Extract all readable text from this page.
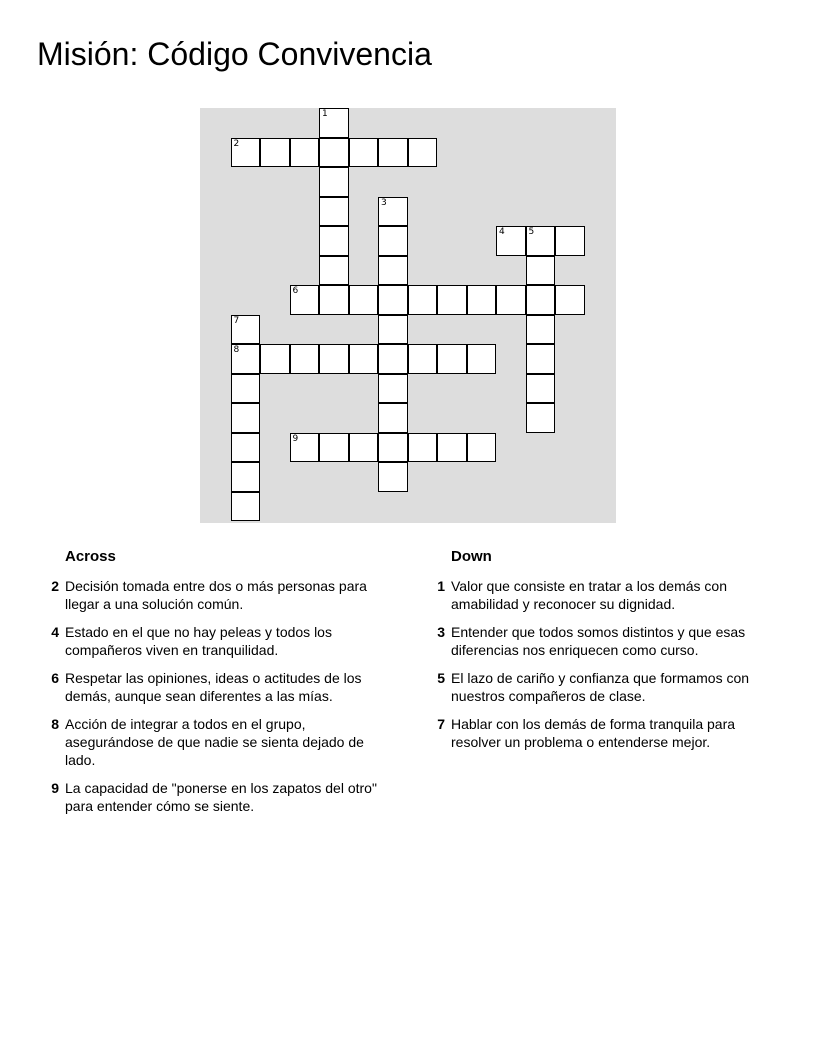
Misión: Código Convivencia
1
2
3
4	5
6
7
8
9
Across
2 Decisión tomada entre dos o más personas para llegar a una solución común.
4 Estado en el que no hay peleas y todos los compañeros viven en tranquilidad.
6 Respetar las opiniones, ideas o actitudes de los demás, aunque sean diferentes a las mías.
8 Acción de integrar a todos en el grupo, asegurándose de que nadie se sienta dejado de lado.
9 La capacidad de "ponerse en los zapatos del otro" para entender cómo se siente.
Down
1 Valor que consiste en tratar a los demás con amabilidad y reconocer su dignidad.
3 Entender que todos somos distintos y que esas diferencias nos enriquecen como curso.
5 El lazo de cariño y confianza que formamos con nuestros compañeros de clase.
7 Hablar con los demás de forma tranquila para resolver un problema o entenderse mejor.
